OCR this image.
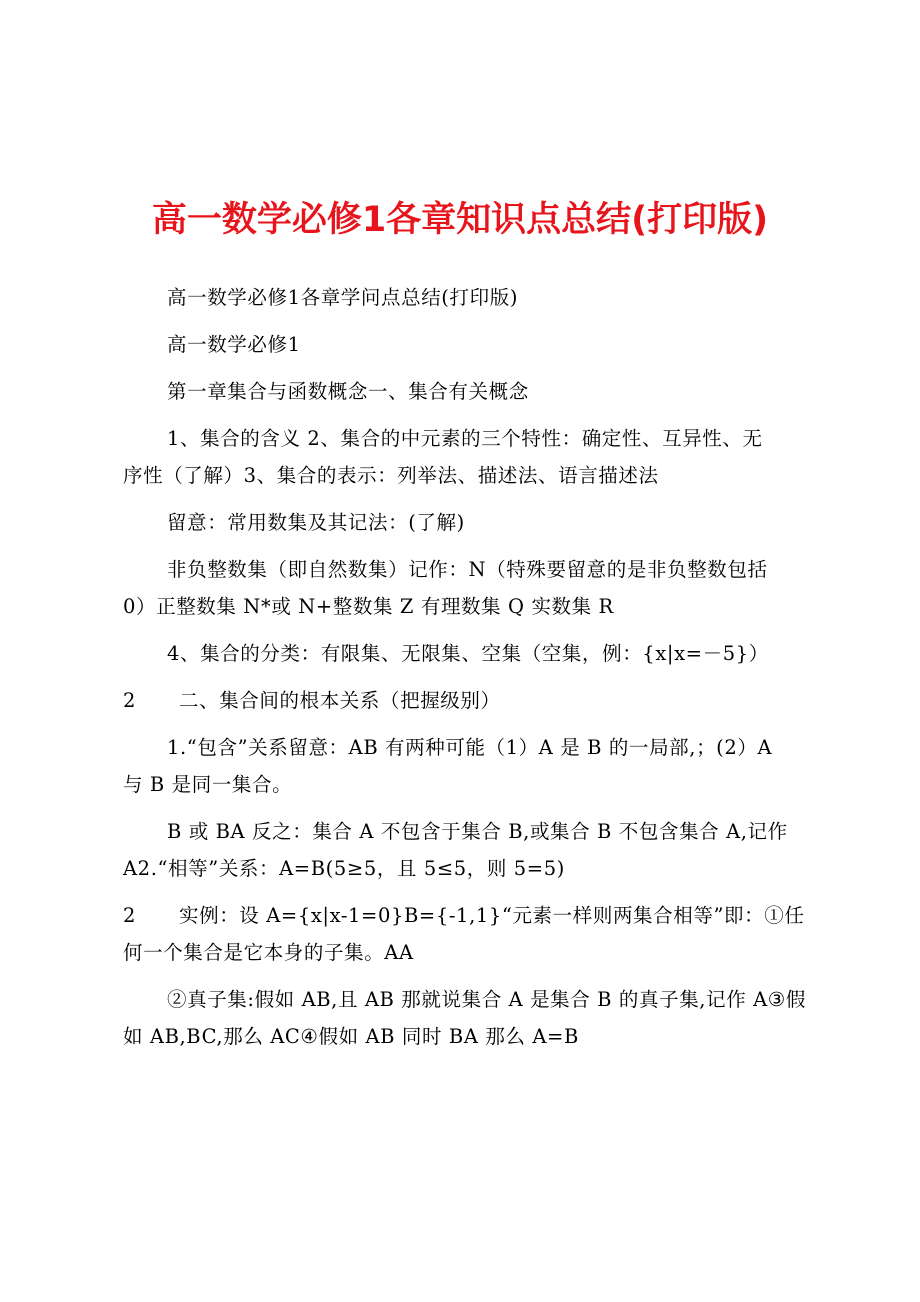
高一数学必修1各章知识点总结(打印版)

高一数学必修1各章学问点总结(打印版)

高一数学必修1

第一章集合与函数概念一、集合有关概念

1、集合的含义 2、集合的中元素的三个特性：确定性、互异性、无
序性（了解）3、集合的表示：列举法、描述法、语言描述法

留意：常用数集及其记法：(了解)

非负整数集（即自然数集）记作：N（特殊要留意的是非负整数包括
0）正整数集 N*或 N+整数集 Z 有理数集 Q 实数集 R

4、集合的分类：有限集、无限集、空集（空集，例：{x|x=－5}）

2 二、集合间的根本关系（把握级别）

1.“包含”关系留意：AB 有两种可能（1）A 是 B 的一局部,；(2）A
与 B 是同一集合。

B 或 BA 反之：集合 A 不包含于集合 B,或集合 B 不包含集合 A,记作
A2.“相等”关系：A=B(5≥5，且 5≤5，则 5=5)

2 实例：设 A={x|x-1=0}B={-1,1}“元素一样则两集合相等”即：①任
何一个集合是它本身的子集。AA

②真子集:假如 AB,且 AB 那就说集合 A 是集合 B 的真子集,记作 A③假
如 AB,BC,那么 AC④假如 AB 同时 BA 那么 A=B
